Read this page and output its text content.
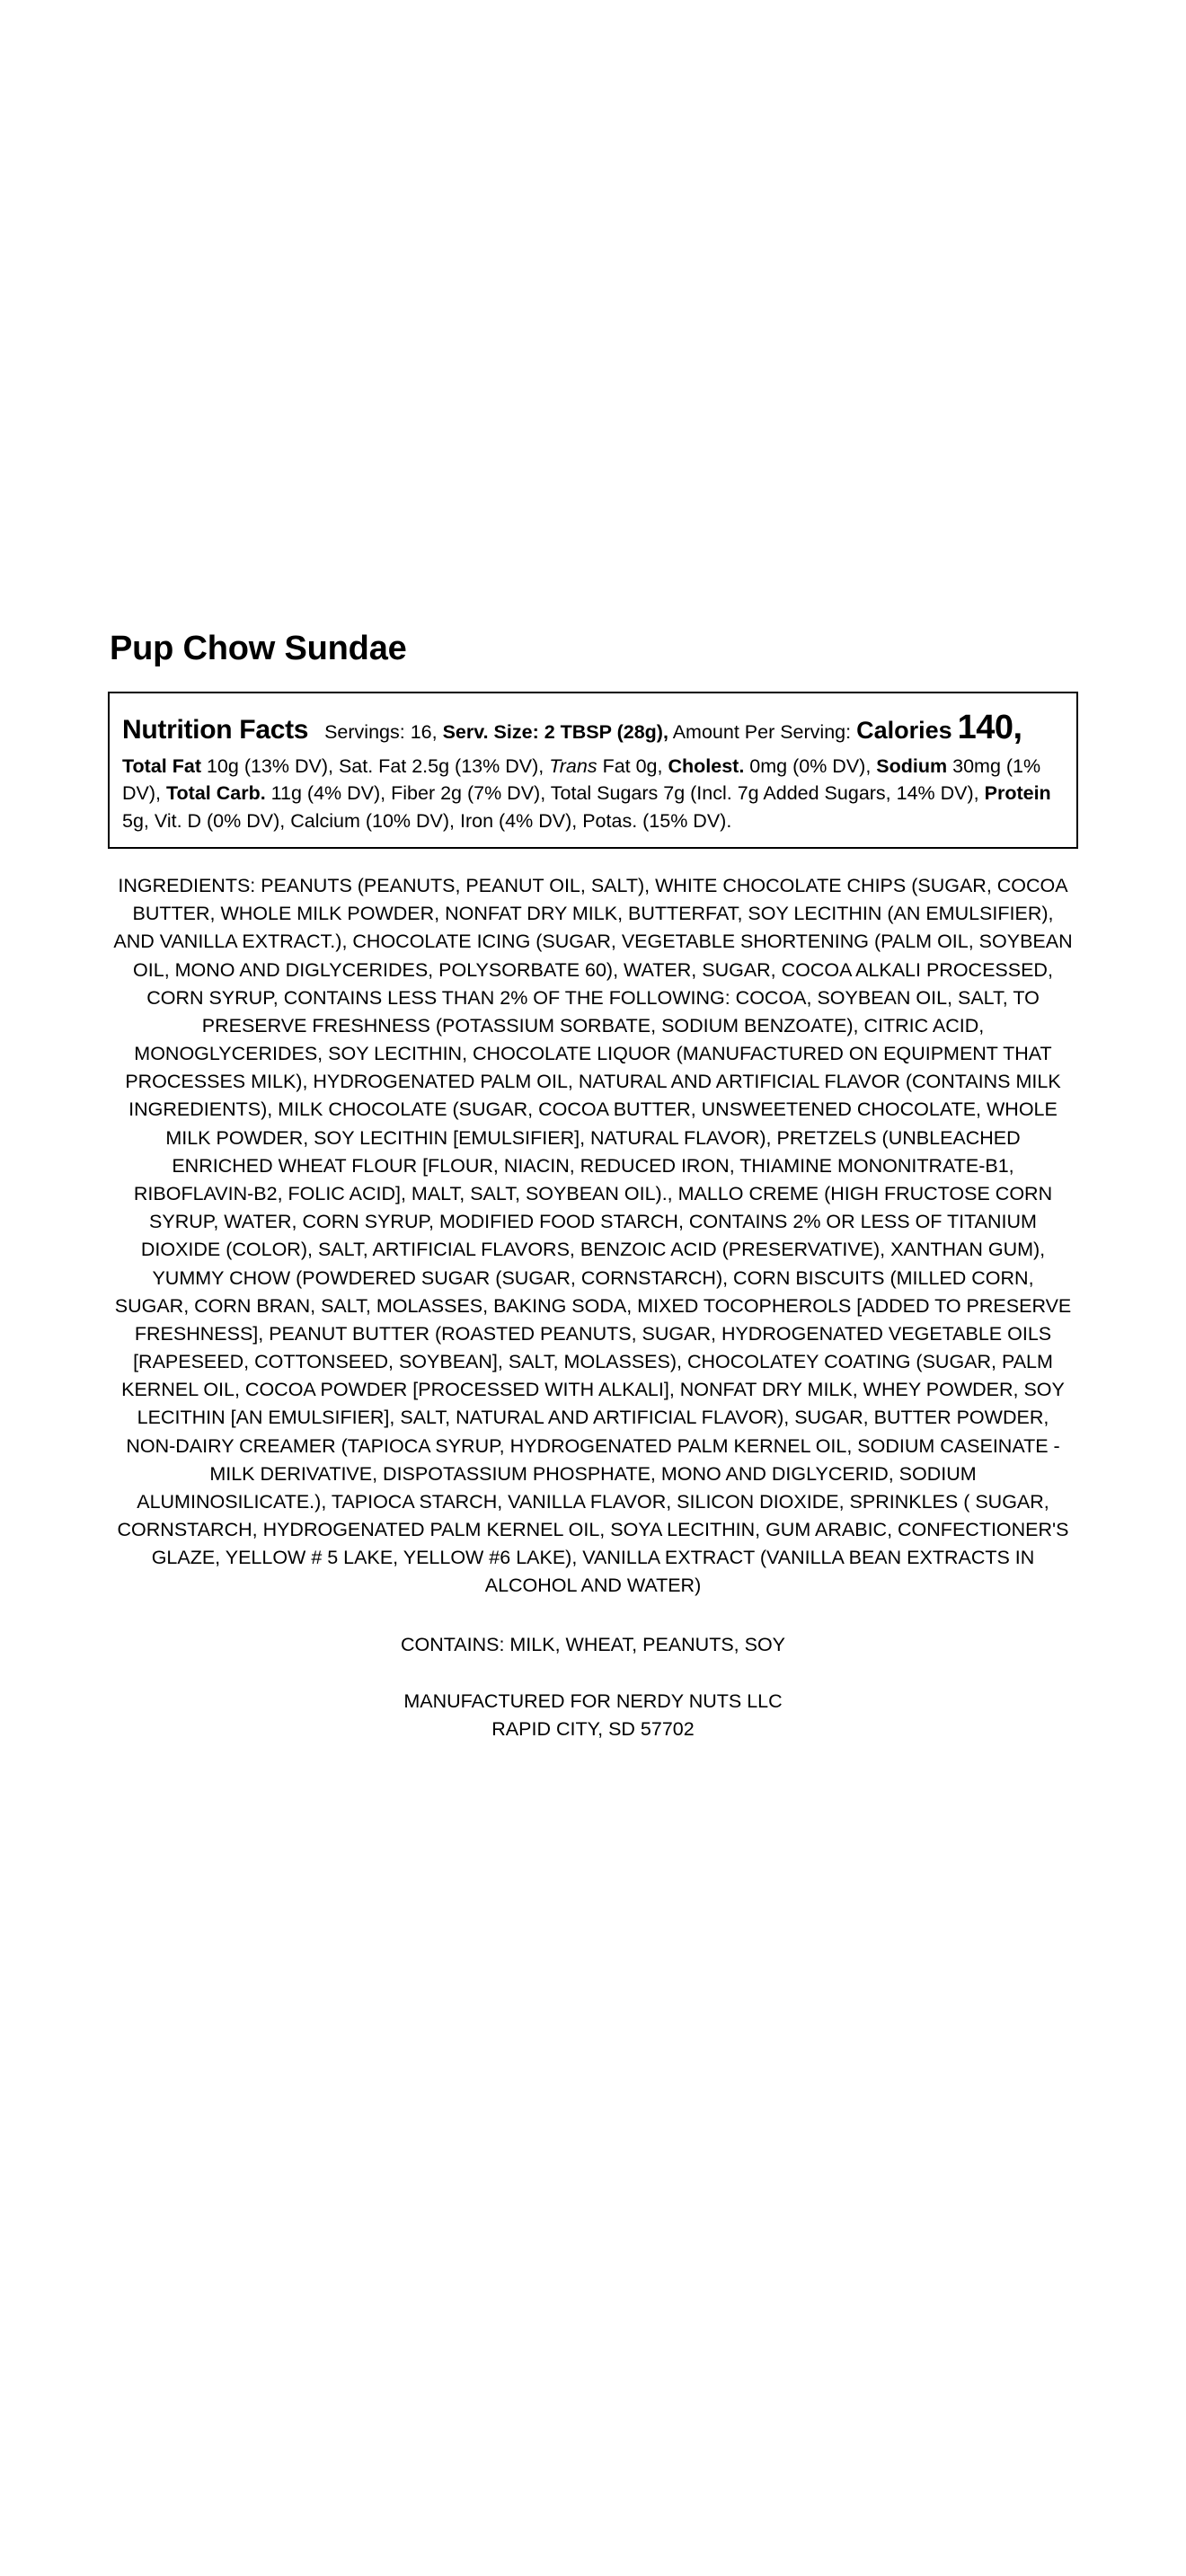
Pup Chow Sundae

Nutrition Facts Servings: 16, Serv. Size: 2 TBSP (28g), Amount Per Serving: Calories 140, Total Fat 10g (13% DV), Sat. Fat 2.5g (13% DV), Trans Fat 0g, Cholest. 0mg (0% DV), Sodium 30mg (1% DV), Total Carb. 11g (4% DV), Fiber 2g (7% DV), Total Sugars 7g (Incl. 7g Added Sugars, 14% DV), Protein 5g, Vit. D (0% DV), Calcium (10% DV), Iron (4% DV), Potas. (15% DV).

INGREDIENTS: PEANUTS (PEANUTS, PEANUT OIL, SALT), WHITE CHOCOLATE CHIPS (SUGAR, COCOA BUTTER, WHOLE MILK POWDER, NONFAT DRY MILK, BUTTERFAT, SOY LECITHIN (AN EMULSIFIER), AND VANILLA EXTRACT.), CHOCOLATE ICING (SUGAR, VEGETABLE SHORTENING (PALM OIL, SOYBEAN OIL, MONO AND DIGLYCERIDES, POLYSORBATE 60), WATER, SUGAR, COCOA ALKALI PROCESSED, CORN SYRUP, CONTAINS LESS THAN 2% OF THE FOLLOWING: COCOA, SOYBEAN OIL, SALT, TO PRESERVE FRESHNESS (POTASSIUM SORBATE, SODIUM BENZOATE), CITRIC ACID, MONOGLYCERIDES, SOY LECITHIN, CHOCOLATE LIQUOR (MANUFACTURED ON EQUIPMENT THAT PROCESSES MILK), HYDROGENATED PALM OIL, NATURAL AND ARTIFICIAL FLAVOR (CONTAINS MILK INGREDIENTS), MILK CHOCOLATE (SUGAR, COCOA BUTTER, UNSWEETENED CHOCOLATE, WHOLE MILK POWDER, SOY LECITHIN [EMULSIFIER], NATURAL FLAVOR), PRETZELS (UNBLEACHED ENRICHED WHEAT FLOUR [FLOUR, NIACIN, REDUCED IRON, THIAMINE MONONITRATE-B1, RIBOFLAVIN-B2, FOLIC ACID], MALT, SALT, SOYBEAN OIL)., MALLO CREME (HIGH FRUCTOSE CORN SYRUP, WATER, CORN SYRUP, MODIFIED FOOD STARCH, CONTAINS 2% OR LESS OF TITANIUM DIOXIDE (COLOR), SALT, ARTIFICIAL FLAVORS, BENZOIC ACID (PRESERVATIVE), XANTHAN GUM), YUMMY CHOW (POWDERED SUGAR (SUGAR, CORNSTARCH), CORN BISCUITS (MILLED CORN, SUGAR, CORN BRAN, SALT, MOLASSES, BAKING SODA, MIXED TOCOPHEROLS [ADDED TO PRESERVE FRESHNESS], PEANUT BUTTER (ROASTED PEANUTS, SUGAR, HYDROGENATED VEGETABLE OILS [RAPESEED, COTTONSEED, SOYBEAN], SALT, MOLASSES), CHOCOLATEY COATING (SUGAR, PALM KERNEL OIL, COCOA POWDER [PROCESSED WITH ALKALI], NONFAT DRY MILK, WHEY POWDER, SOY LECITHIN [AN EMULSIFIER], SALT, NATURAL AND ARTIFICIAL FLAVOR), SUGAR, BUTTER POWDER, NON-DAIRY CREAMER (TAPIOCA SYRUP, HYDROGENATED PALM KERNEL OIL, SODIUM CASEINATE - MILK DERIVATIVE, DISPOTASSIUM PHOSPHATE, MONO AND DIGLYCERID, SODIUM ALUMINOSILICATE.), TAPIOCA STARCH, VANILLA FLAVOR, SILICON DIOXIDE, SPRINKLES ( SUGAR, CORNSTARCH, HYDROGENATED PALM KERNEL OIL, SOYA LECITHIN, GUM ARABIC, CONFECTIONER'S GLAZE, YELLOW # 5 LAKE, YELLOW #6 LAKE), VANILLA EXTRACT (VANILLA BEAN EXTRACTS IN ALCOHOL AND WATER)

CONTAINS: MILK, WHEAT, PEANUTS, SOY

MANUFACTURED FOR NERDY NUTS LLC
RAPID CITY, SD 57702
